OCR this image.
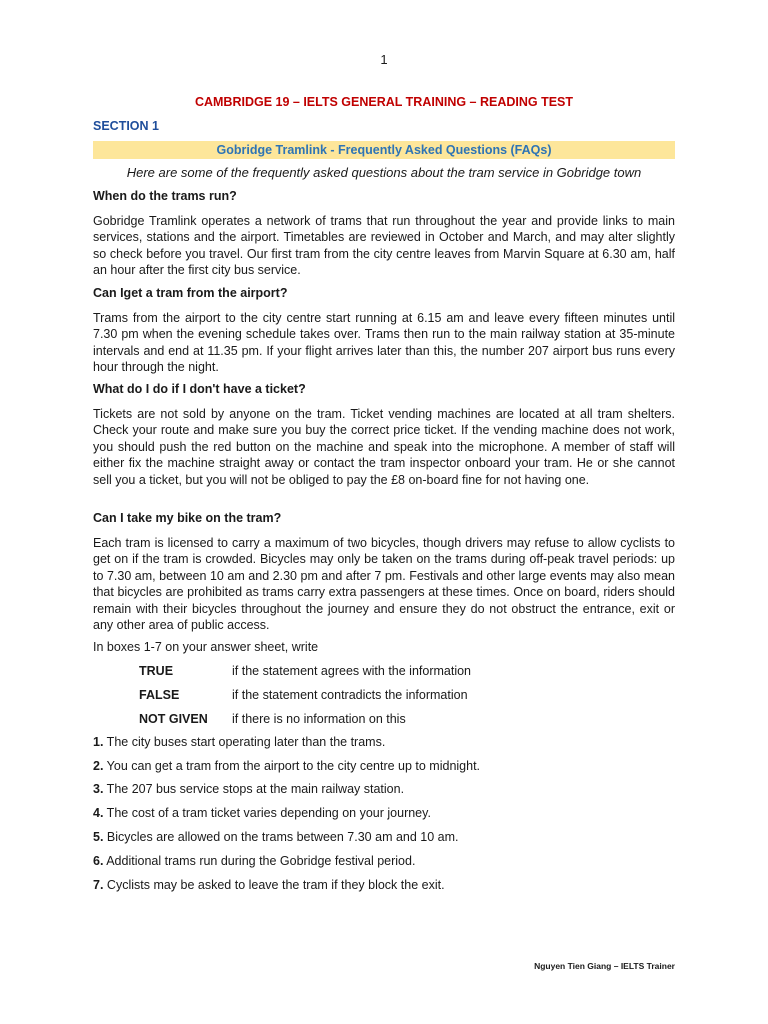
1
CAMBRIDGE 19 – IELTS GENERAL TRAINING – READING TEST
SECTION 1
Gobridge Tramlink - Frequently Asked Questions (FAQs)
Here are some of the frequently asked questions about the tram service in Gobridge town
When do the trams run?
Gobridge Tramlink operates a network of trams that run throughout the year and provide links to main services, stations and the airport. Timetables are reviewed in October and March, and may alter slightly so check before you travel. Our first tram from the city centre leaves from Marvin Square at 6.30 am, half an hour after the first city bus service.
Can Iget a tram from the airport?
Trams from the airport to the city centre start running at 6.15 am and leave every fifteen minutes until 7.30 pm when the evening schedule takes over. Trams then run to the main railway station at 35-minute intervals and end at 11.35 pm. If your flight arrives later than this, the number 207 airport bus runs every hour through the night.
What do I do if I don't have a ticket?
Tickets are not sold by anyone on the tram. Ticket vending machines are located at all tram shelters. Check your route and make sure you buy the correct price ticket. If the vending machine does not work, you should push the red button on the machine and speak into the microphone. A member of staff will either fix the machine straight away or contact the tram inspector onboard your tram. He or she cannot sell you a ticket, but you will not be obliged to pay the £8 on-board fine for not having one.
Can I take my bike on the tram?
Each tram is licensed to carry a maximum of two bicycles, though drivers may refuse to allow cyclists to get on if the tram is crowded. Bicycles may only be taken on the trams during off-peak travel periods: up to 7.30 am, between 10 am and 2.30 pm and after 7 pm. Festivals and other large events may also mean that bicycles are prohibited as trams carry extra passengers at these times. Once on board, riders should remain with their bicycles throughout the journey and ensure they do not obstruct the entrance, exit or any other area of public access.
In boxes 1-7 on your answer sheet, write
TRUE	if the statement agrees with the information
FALSE	if the statement contradicts the information
NOT GIVEN if there is no information on this
1. The city buses start operating later than the trams.
2. You can get a tram from the airport to the city centre up to midnight.
3. The 207 bus service stops at the main railway station.
4. The cost of a tram ticket varies depending on your journey.
5. Bicycles are allowed on the trams between 7.30 am and 10 am.
6. Additional trams run during the Gobridge festival period.
7. Cyclists may be asked to leave the tram if they block the exit.
Nguyen Tien Giang – IELTS Trainer
